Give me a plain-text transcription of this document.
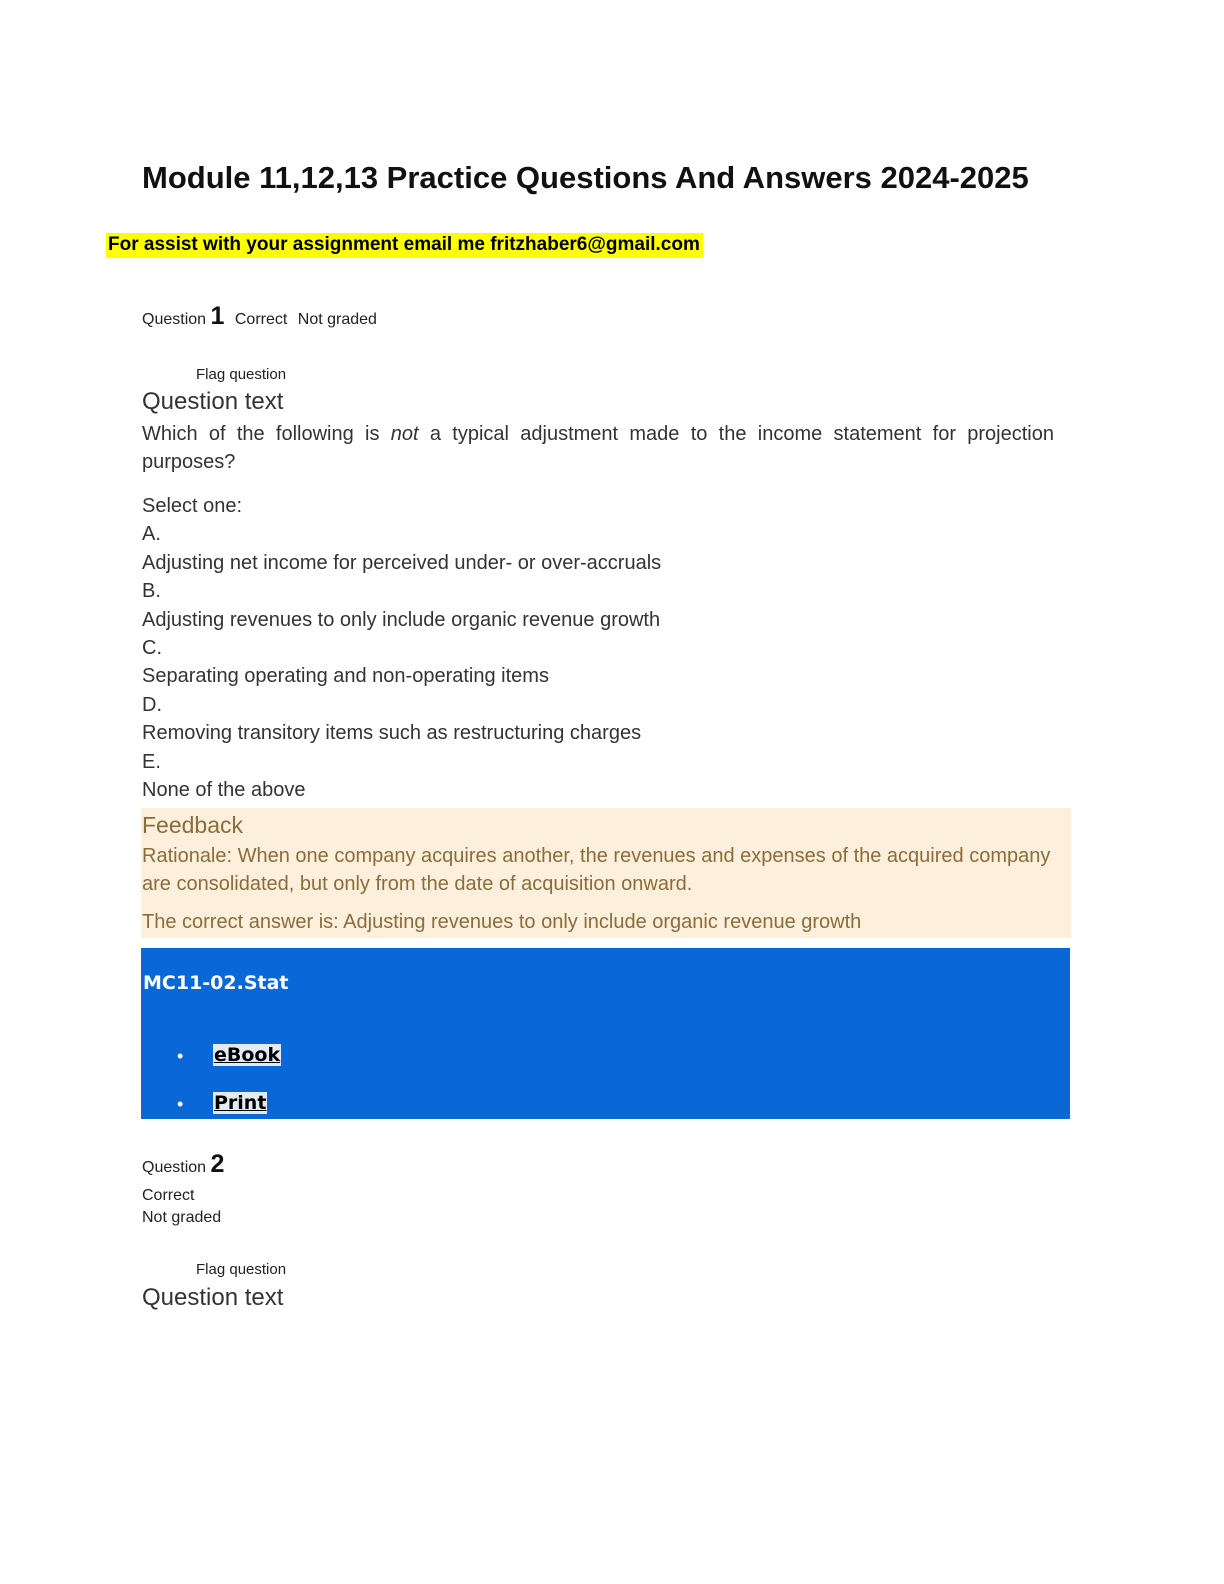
Module 11,12,13 Practice Questions And Answers 2024-2025
For assist with your assignment email me fritzhaber6@gmail.com
Question 1 Correct Not graded
Flag question
Question text
Which of the following is not a typical adjustment made to the income statement for projection purposes?
Select one:
A.
Adjusting net income for perceived under- or over-accruals
B.
Adjusting revenues to only include organic revenue growth
C.
Separating operating and non-operating items
D.
Removing transitory items such as restructuring charges
E.
None of the above
Feedback
Rationale: When one company acquires another, the revenues and expenses of the acquired company are consolidated, but only from the date of acquisition onward.
The correct answer is: Adjusting revenues to only include organic revenue growth
MC11-02.Stat
• eBook
• Print
Question 2
Correct
Not graded
Flag question
Question text
